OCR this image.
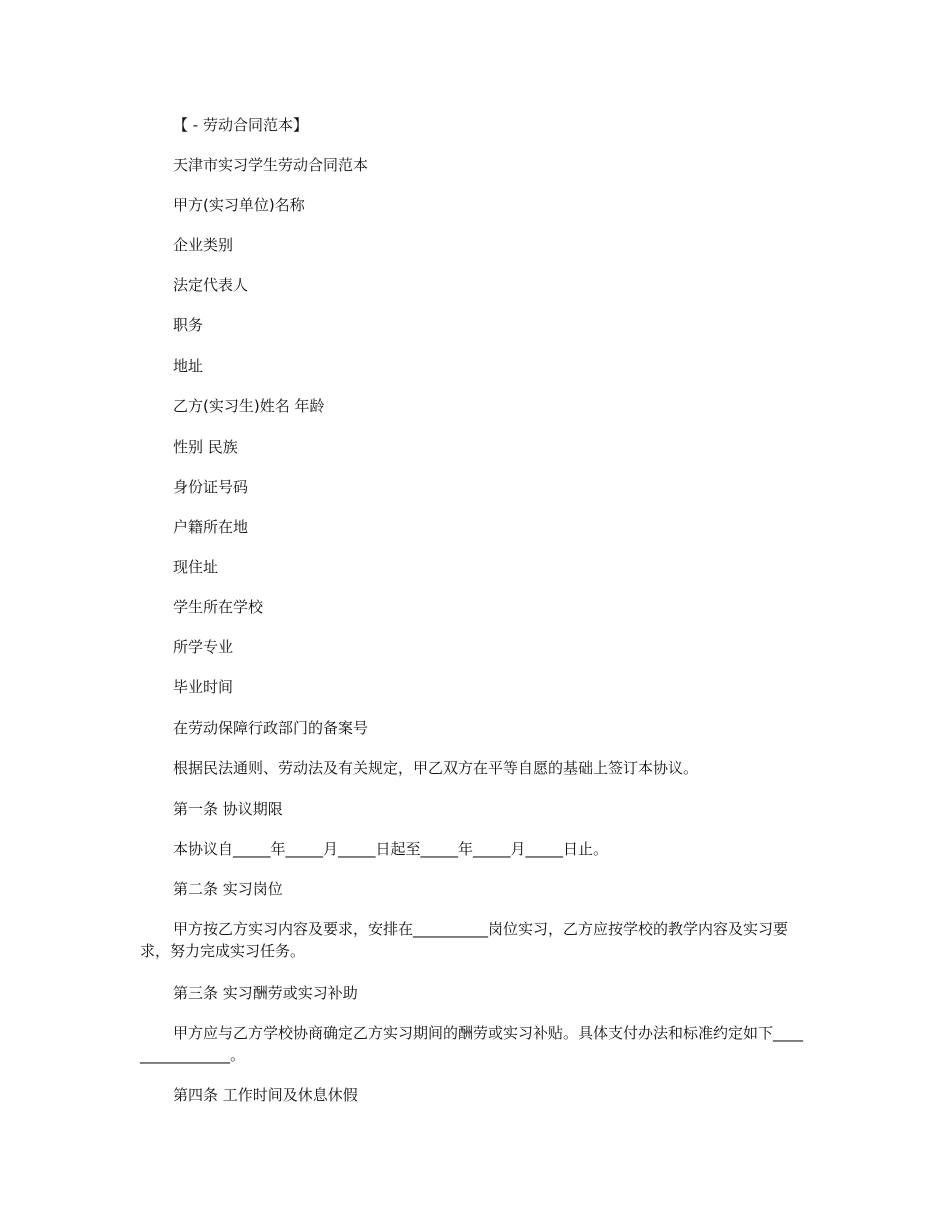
【 - 劳动合同范本】
天津市实习学生劳动合同范本
甲方(实习单位)名称
企业类别
法定代表人
职务
地址
乙方(实习生)姓名 年龄
性别 民族
身份证号码
户籍所在地
现住址
学生所在学校
所学专业
毕业时间
在劳动保障行政部门的备案号
根据民法通则、劳动法及有关规定，甲乙双方在平等自愿的基础上签订本协议。
第一条 协议期限
本协议自_____年_____月_____日起至_____年_____月_____日止。
第二条 实习岗位
甲方按乙方实习内容及要求，安排在__________岗位实习，乙方应按学校的教学内容及实习要求，努力完成实习任务。
第三条 实习酬劳或实习补助
甲方应与乙方学校协商确定乙方实习期间的酬劳或实习补贴。具体支付办法和标准约定如下________________。
第四条 工作时间及休息休假
